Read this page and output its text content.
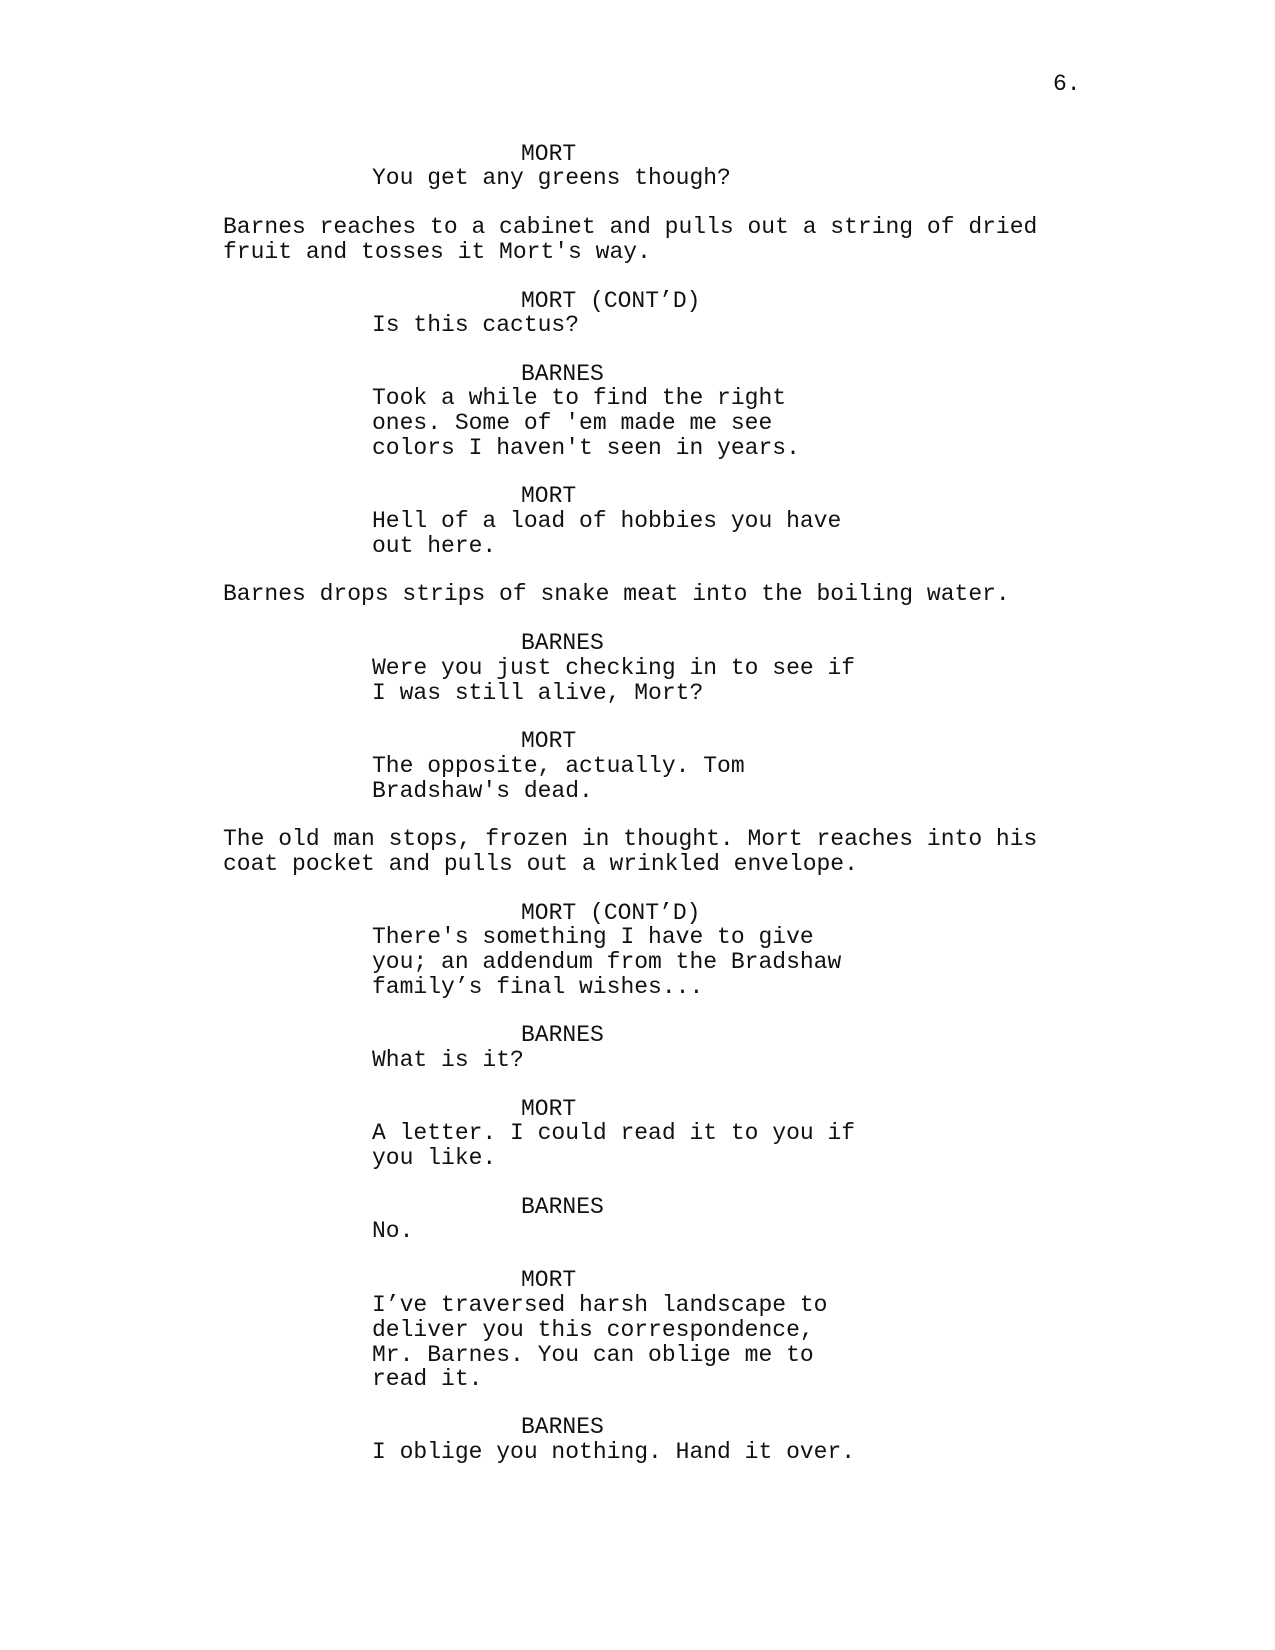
6.
MORT
You get any greens though?
Barnes reaches to a cabinet and pulls out a string of dried
fruit and tosses it Mort's way.
MORT (CONT’D)
Is this cactus?
BARNES
Took a while to find the right
ones. Some of 'em made me see
colors I haven't seen in years.
MORT
Hell of a load of hobbies you have
out here.
Barnes drops strips of snake meat into the boiling water.
BARNES
Were you just checking in to see if
I was still alive, Mort?
MORT
The opposite, actually. Tom
Bradshaw's dead.
The old man stops, frozen in thought. Mort reaches into his
coat pocket and pulls out a wrinkled envelope.
MORT (CONT’D)
There's something I have to give
you; an addendum from the Bradshaw
family’s final wishes...
BARNES
What is it?
MORT
A letter. I could read it to you if
you like.
BARNES
No.
MORT
I’ve traversed harsh landscape to
deliver you this correspondence,
Mr. Barnes. You can oblige me to
read it.
BARNES
I oblige you nothing. Hand it over.
